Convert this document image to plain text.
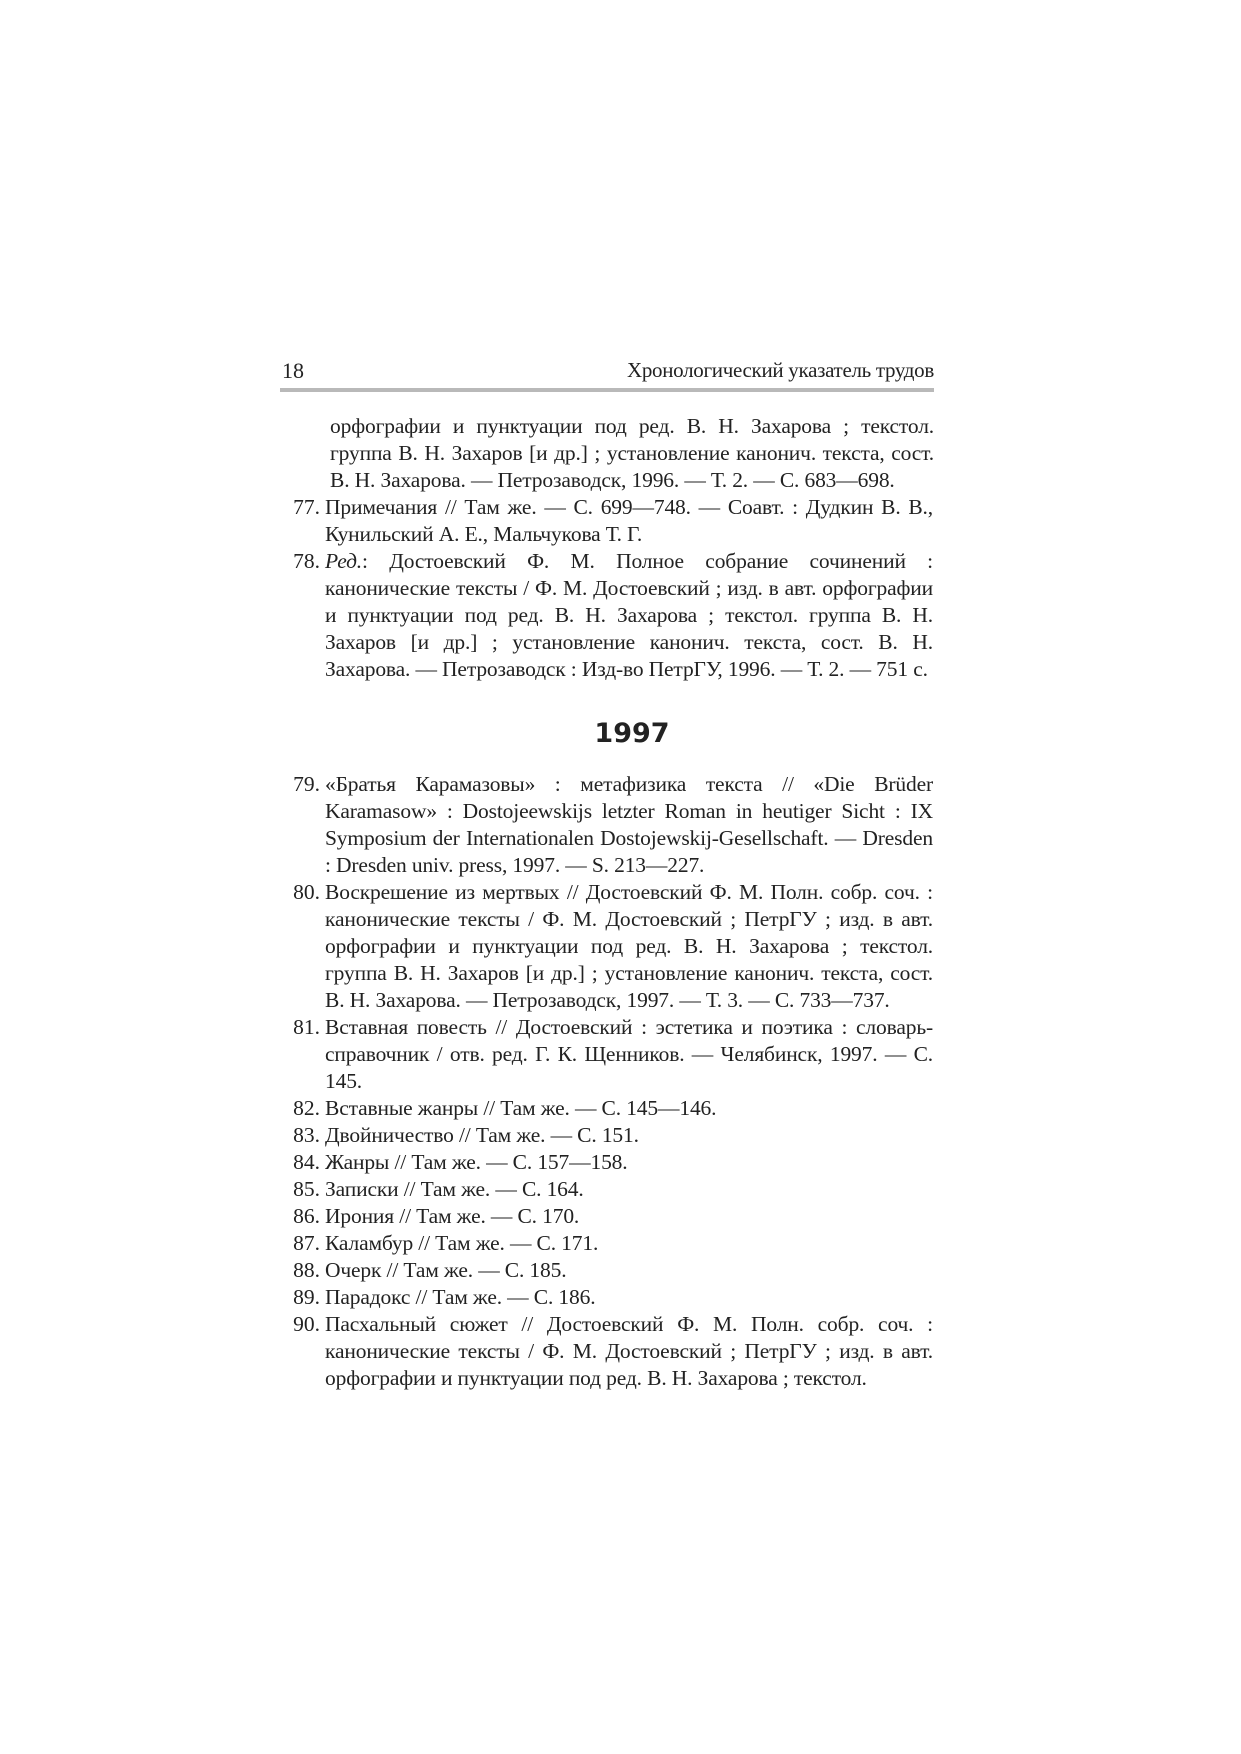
18	Хронологический указатель трудов
орфографии и пунктуации под ред. В. Н. Захарова ; текстол. группа В. Н. Захаров [и др.] ; установление канонич. текста, сост. В. Н. Захарова. — Петрозаводск, 1996. — Т. 2. — С. 683—698.
77. Примечания // Там же. — С. 699—748. — Соавт. : Дудкин В. В., Кунильский А. Е., Мальчукова Т. Г.
78. Ред.: Достоевский Ф. М. Полное собрание сочинений : канонические тексты / Ф. М. Достоевский ; изд. в авт. орфографии и пунктуации под ред. В. Н. Захарова ; текстол. группа В. Н. Захаров [и др.] ; установление канонич. текста, сост. В. Н. Захарова. — Петрозаводск : Изд-во ПетрГУ, 1996. — Т. 2. — 751 с.
1997
79. «Братья Карамазовы» : метафизика текста // «Die Brüder Karamasow» : Dostojeewskijs letzter Roman in heutiger Sicht : IX Symposium der Internationalen Dostojewskij-Gesellschaft. — Dresden : Dresden univ. press, 1997. — S. 213—227.
80. Воскрешение из мертвых // Достоевский Ф. М. Полн. собр. соч. : канонические тексты / Ф. М. Достоевский ; ПетрГУ ; изд. в авт. орфографии и пунктуации под ред. В. Н. Захарова ; текстол. группа В. Н. Захаров [и др.] ; установление канонич. текста, сост. В. Н. Захарова. — Петрозаводск, 1997. — Т. 3. — С. 733—737.
81. Вставная повесть // Достоевский : эстетика и поэтика : словарь-справочник / отв. ред. Г. К. Щенников. — Челябинск, 1997. — С. 145.
82. Вставные жанры // Там же. — С. 145—146.
83. Двойничество // Там же. — С. 151.
84. Жанры // Там же. — С. 157—158.
85. Записки // Там же. — С. 164.
86. Ирония // Там же. — С. 170.
87. Каламбур // Там же. — С. 171.
88. Очерк // Там же. — С. 185.
89. Парадокс // Там же. — С. 186.
90. Пасхальный сюжет // Достоевский Ф. М. Полн. собр. соч. : канонические тексты / Ф. М. Достоевский ; ПетрГУ ; изд. в авт. орфографии и пунктуации под ред. В. Н. Захарова ; текстол.
